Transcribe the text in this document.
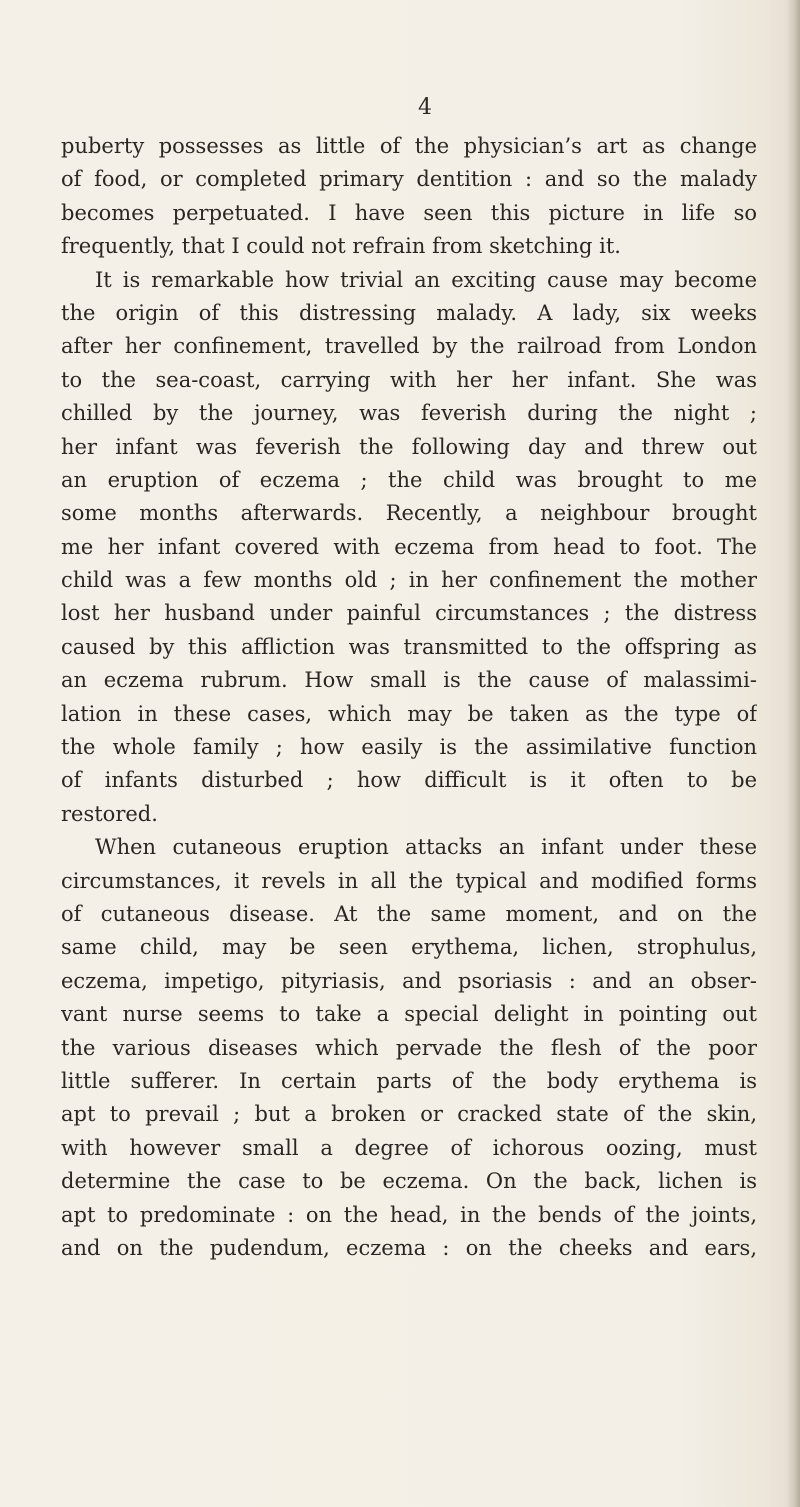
4
puberty possesses as little of the physician’s art as change
of food, or completed primary dentition : and so the malady
becomes perpetuated. I have seen this picture in life so
frequently, that I could not refrain from sketching it.
It is remarkable how trivial an exciting cause may become
the origin of this distressing malady. A lady, six weeks
after her confinement, travelled by the railroad from London
to the sea-coast, carrying with her her infant. She was
chilled by the journey, was feverish during the night ;
her infant was feverish the following day and threw out
an eruption of eczema ; the child was brought to me
some months afterwards. Recently, a neighbour brought
me her infant covered with eczema from head to foot. The
child was a few months old ; in her confinement the mother
lost her husband under painful circumstances ; the distress
caused by this affliction was transmitted to the offspring as
an eczema rubrum. How small is the cause of malassimi-
lation in these cases, which may be taken as the type of
the whole family ; how easily is the assimilative function
of infants disturbed ; how difficult is it often to be
restored.
When cutaneous eruption attacks an infant under these
circumstances, it revels in all the typical and modified forms
of cutaneous disease. At the same moment, and on the
same child, may be seen erythema, lichen, strophulus,
eczema, impetigo, pityriasis, and psoriasis : and an obser-
vant nurse seems to take a special delight in pointing out
the various diseases which pervade the flesh of the poor
little sufferer. In certain parts of the body erythema is
apt to prevail ; but a broken or cracked state of the skin,
with however small a degree of ichorous oozing, must
determine the case to be eczema. On the back, lichen is
apt to predominate : on the head, in the bends of the joints,
and on the pudendum, eczema : on the cheeks and ears,
